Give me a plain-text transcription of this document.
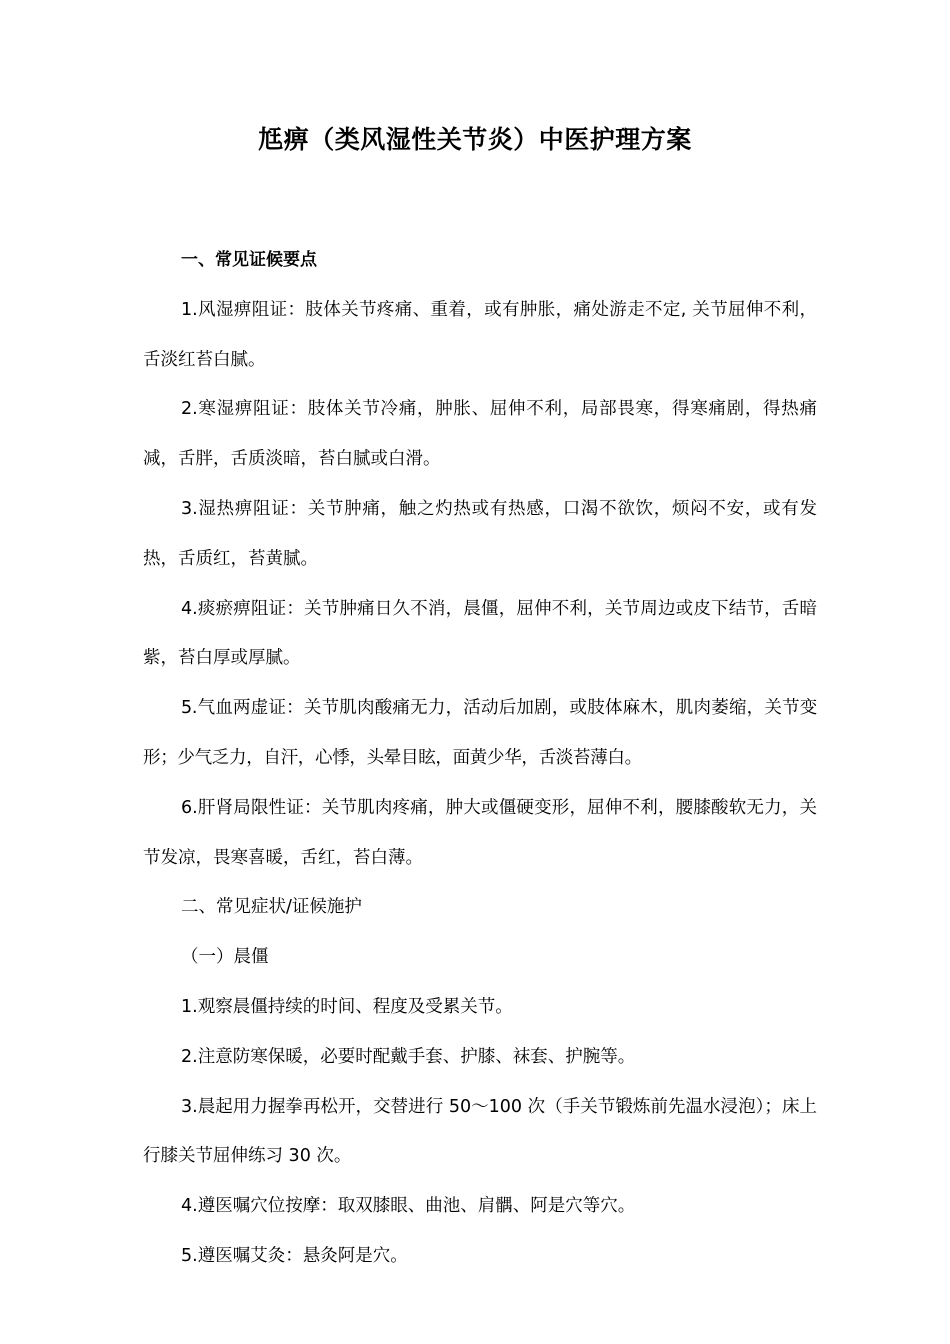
尪痹（类风湿性关节炎）中医护理方案

一、常见证候要点

1.风湿痹阻证：肢体关节疼痛、重着，或有肿胀，痛处游走不定, 关节屈伸不利，舌淡红苔白腻。

2.寒湿痹阻证：肢体关节冷痛，肿胀、屈伸不利，局部畏寒，得寒痛剧，得热痛减，舌胖，舌质淡暗，苔白腻或白滑。

3.湿热痹阻证：关节肿痛，触之灼热或有热感，口渴不欲饮，烦闷不安，或有发热，舌质红，苔黄腻。

4.痰瘀痹阻证：关节肿痛日久不消，晨僵，屈伸不利，关节周边或皮下结节，舌暗紫，苔白厚或厚腻。

5.气血两虚证：关节肌肉酸痛无力，活动后加剧，或肢体麻木，肌肉萎缩，关节变形；少气乏力，自汗，心悸，头晕目眩，面黄少华，舌淡苔薄白。

6.肝肾局限性证：关节肌肉疼痛，肿大或僵硬变形，屈伸不利，腰膝酸软无力，关节发凉，畏寒喜暖，舌红，苔白薄。

二、常见症状/证候施护

（一）晨僵

1.观察晨僵持续的时间、程度及受累关节。

2.注意防寒保暖，必要时配戴手套、护膝、袜套、护腕等。

3.晨起用力握拳再松开，交替进行 50～100 次（手关节锻炼前先温水浸泡）；床上行膝关节屈伸练习 30 次。

4.遵医嘱穴位按摩：取双膝眼、曲池、肩髃、阿是穴等穴。

5.遵医嘱艾灸：悬灸阿是穴。
